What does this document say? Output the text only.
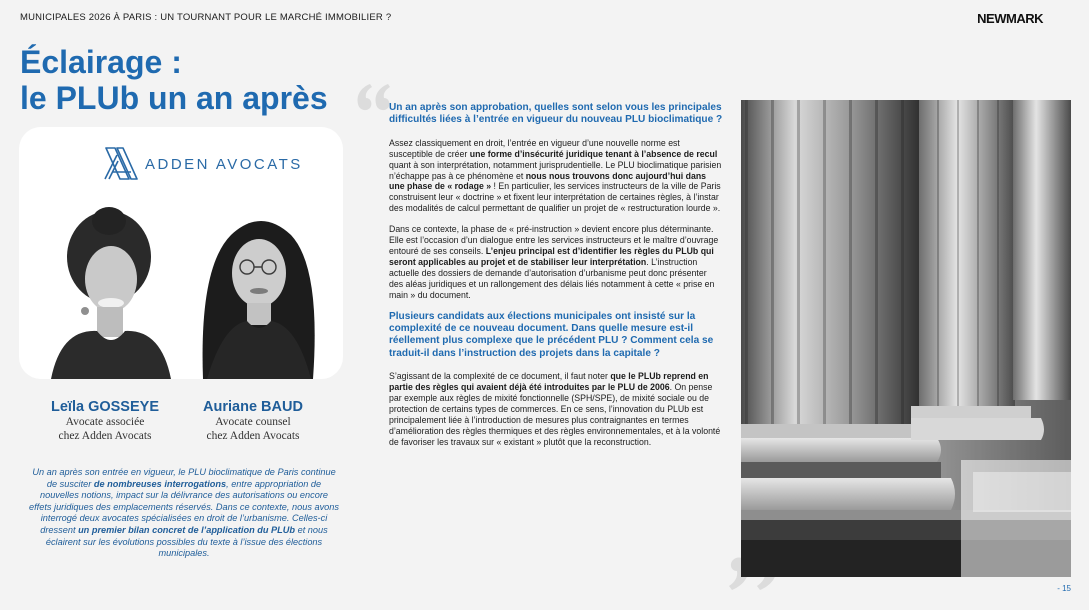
MUNICIPALES 2026 À PARIS : UN TOURNANT POUR LE MARCHÉ IMMOBILIER ?	NEWMARK
Éclairage :
le PLUb un an après
ADDEN AVOCATS
Leïla GOSSEYE
Avocate associée
chez Adden Avocats
Auriane BAUD
Avocate counsel
chez Adden Avocats

Un an après son entrée en vigueur, le PLU bioclimatique de Paris continue de susciter de nombreuses interrogations, entre appropriation de nouvelles notions, impact sur la délivrance des autorisations ou encore effets juridiques des emplacements réservés. Dans ce contexte, nous avons interrogé deux avocates spécialisées en droit de l’urbanisme. Celles-ci dressent un premier bilan concret de l’application du PLUb et nous éclairent sur les évolutions possibles du texte à l’issue des élections municipales.

Un an après son approbation, quelles sont selon vous les principales difficultés liées à l’entrée en vigueur du nouveau PLU bioclimatique ?

Assez classiquement en droit, l’entrée en vigueur d’une nouvelle norme est susceptible de créer une forme d’insécurité juridique tenant à l’absence de recul quant à son interprétation, notamment jurisprudentielle. Le PLU bioclimatique parisien n’échappe pas à ce phénomène et nous nous trouvons donc aujourd’hui dans une phase de « rodage » ! En particulier, les services instructeurs de la ville de Paris construisent leur « doctrine » et fixent leur interprétation de certaines règles, à l’instar des modalités de calcul permettant de qualifier un projet de « restructuration lourde ».

Dans ce contexte, la phase de « pré-instruction » devient encore plus déterminante. Elle est l’occasion d’un dialogue entre les services instructeurs et le maître d’ouvrage entouré de ses conseils. L’enjeu principal est d’identifier les règles du PLUb qui seront applicables au projet et de stabiliser leur interprétation. L’instruction actuelle des dossiers de demande d’autorisation d’urbanisme peut donc présenter des aléas juridiques et un rallongement des délais liés notamment à cette « prise en main » du document.

Plusieurs candidats aux élections municipales ont insisté sur la complexité de ce nouveau document. Dans quelle mesure est-il réellement plus complexe que le précédent PLU ? Comment cela se traduit-il dans l’instruction des projets dans la capitale ?

S’agissant de la complexité de ce document, il faut noter que le PLUb reprend en partie des règles qui avaient déjà été introduites par le PLU de 2006. On pense par exemple aux règles de mixité fonctionnelle (SPH/SPE), de mixité sociale ou de protection de certains types de commerces. En ce sens, l’innovation du PLUb est principalement liée à l’introduction de mesures plus contraignantes en termes d’amélioration des règles thermiques et des règles environnementales, et à la volonté de favoriser les travaux sur « existant » plutôt que la reconstruction.

- 15
